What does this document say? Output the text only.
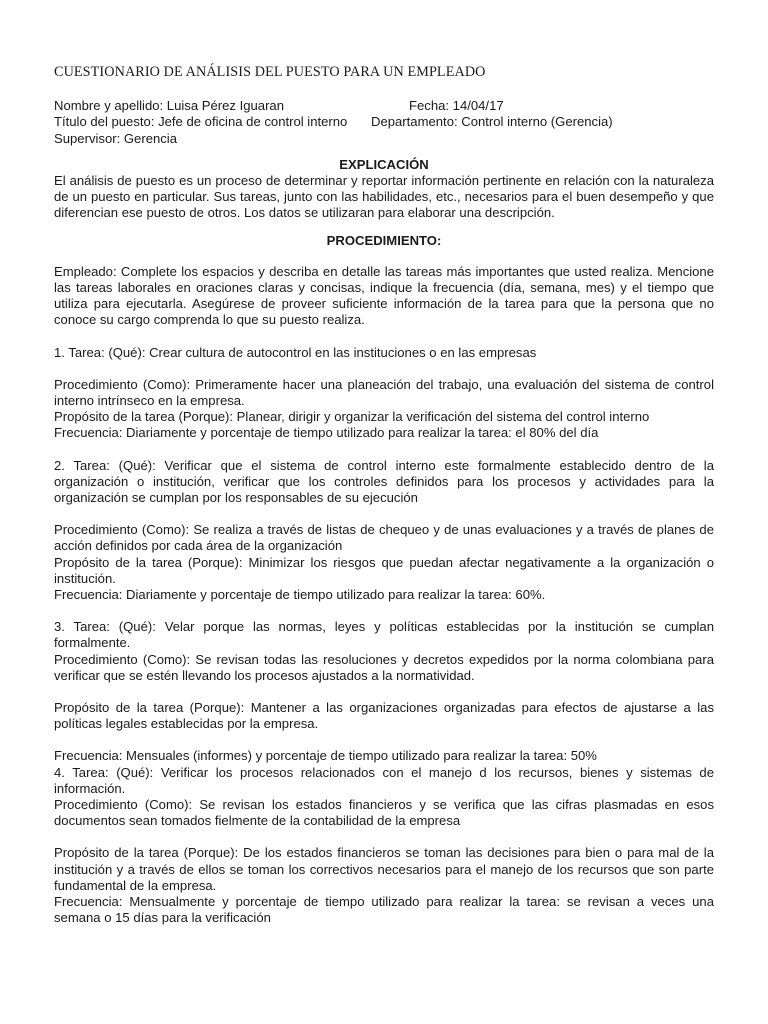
CUESTIONARIO DE ANÁLISIS DEL PUESTO PARA UN EMPLEADO
Nombre y apellido: Luisa Pérez Iguaran	Fecha: 14/04/17
Título del puesto: Jefe de oficina de control interno Departamento: Control interno (Gerencia)
Supervisor: Gerencia
EXPLICACIÓN

El análisis de puesto es un proceso de determinar y reportar información pertinente en relación con la naturaleza de un puesto en particular. Sus tareas, junto con las habilidades, etc., necesarios para el buen desempeño y que diferencian ese puesto de otros. Los datos se utilizaran para elaborar una descripción.

PROCEDIMIENTO:

Empleado: Complete los espacios y describa en detalle las tareas más importantes que usted realiza. Mencione las tareas laborales en oraciones claras y concisas, indique la frecuencia (día, semana, mes) y el tiempo que utiliza para ejecutarla. Asegúrese de proveer suficiente información de la tarea para que la persona que no conoce su cargo comprenda lo que su puesto realiza.

1. Tarea: (Qué): Crear cultura de autocontrol en las instituciones o en las empresas

Procedimiento (Como): Primeramente hacer una planeación del trabajo, una evaluación del sistema de control interno intrínseco en la empresa.

Propósito de la tarea (Porque): Planear, dirigir y organizar la verificación del sistema del control interno

Frecuencia: Diariamente y porcentaje de tiempo utilizado para realizar la tarea: el 80% del día

2. Tarea: (Qué): Verificar que el sistema de control interno este formalmente establecido dentro de la organización o institución, verificar que los controles definidos para los procesos y actividades para la organización se cumplan por los responsables de su ejecución

Procedimiento (Como): Se realiza a través de listas de chequeo y de unas evaluaciones y a través de planes de acción definidos por cada área de la organización

Propósito de la tarea (Porque): Minimizar los riesgos que puedan afectar negativamente a la organización o institución.

Frecuencia: Diariamente y porcentaje de tiempo utilizado para realizar la tarea: 60%.

3. Tarea: (Qué): Velar porque las normas, leyes y políticas establecidas por la institución se cumplan formalmente.

Procedimiento (Como): Se revisan todas las resoluciones y decretos expedidos por la norma colombiana para verificar que se estén llevando los procesos ajustados a la normatividad.

Propósito de la tarea (Porque): Mantener a las organizaciones organizadas para efectos de ajustarse a las políticas legales establecidas por la empresa.

Frecuencia: Mensuales (informes) y porcentaje de tiempo utilizado para realizar la tarea: 50%

4. Tarea: (Qué): Verificar los procesos relacionados con el manejo d los recursos, bienes y sistemas de información.

Procedimiento (Como): Se revisan los estados financieros y se verifica que las cifras plasmadas en esos documentos sean tomados fielmente de la contabilidad de la empresa

Propósito de la tarea (Porque): De los estados financieros se toman las decisiones para bien o para mal de la institución y a través de ellos se toman los correctivos necesarios para el manejo de los recursos que son parte fundamental de la empresa.

Frecuencia: Mensualmente y porcentaje de tiempo utilizado para realizar la tarea: se revisan a veces una semana o 15 días para la verificación
